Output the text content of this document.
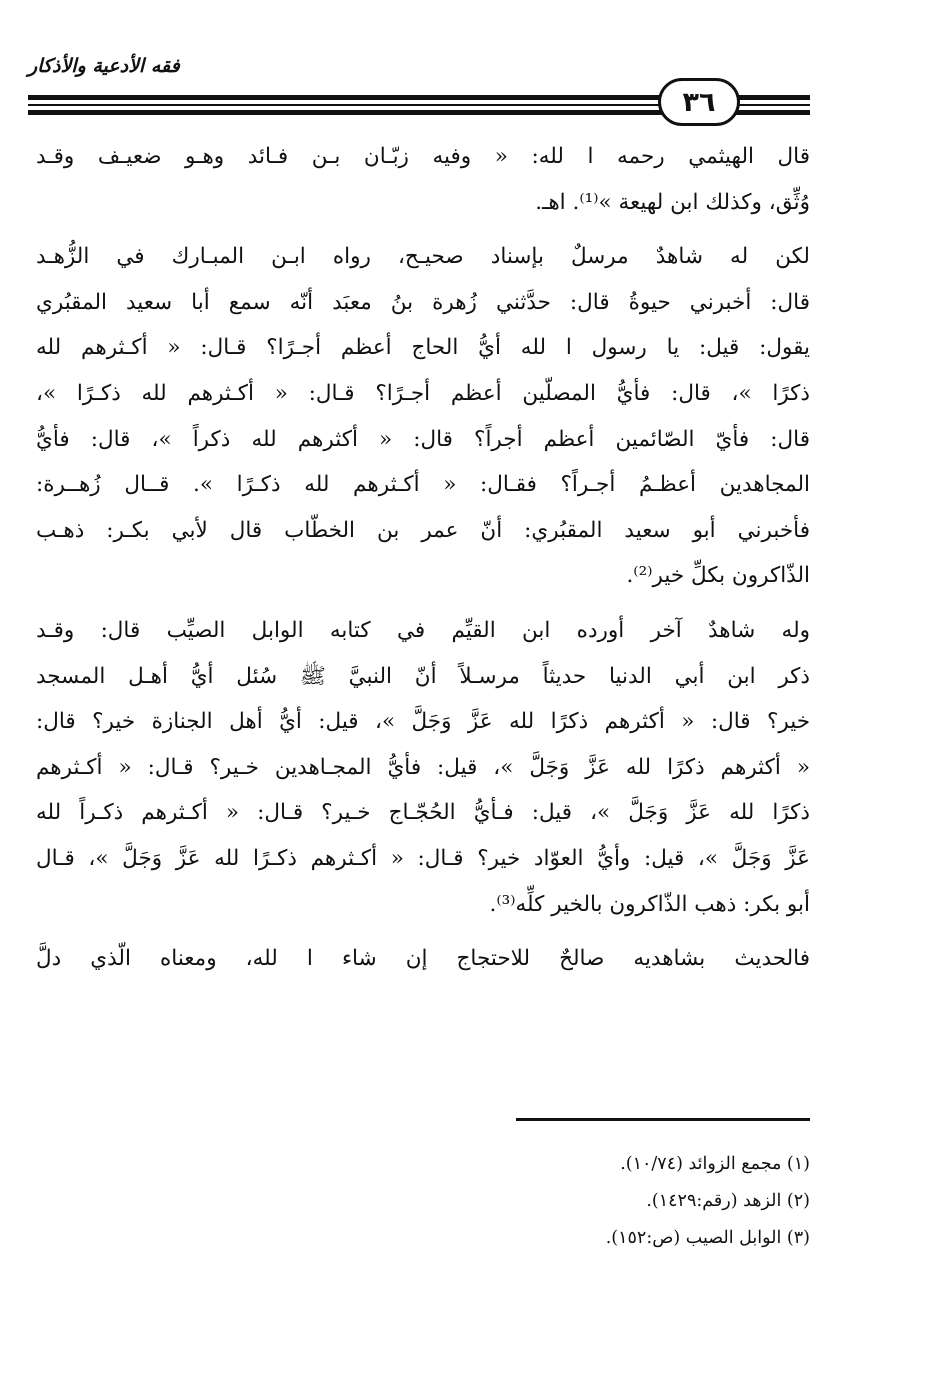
فقه الأدعية والأذكار
٣٦
قال الهيثمي رحمه ا لله: « وفيه زبّـان بـن فـائد وهـو ضعيـف وقـد
وُثِّق، وكذلك ابن لهيعة »⁽¹⁾. اهـ.
لكن له شاهدٌ مرسلٌ بإسناد صحيـح، رواه ابـن المبـارك في الزُّهـد
قال: أخبرني حيوةُ قال: حدَّثني زُهرة بنُ معبَد أنّه سمع أبا سعيد المقبُري
يقول: قيل: يا رسول ا لله أيُّ الحاج أعظم أجـرًا؟ قـال: « أكـثرهم لله
ذكرًا »، قال: فأيُّ المصلّين أعظم أجـرًا؟ قـال: « أكـثرهم لله ذكـرًا »،
قال: فأيّ الصّائمين أعظم أجراً؟ قال: « أكثرهم لله ذكراً »، قال: فأيُّ
المجاهدين أعظـمُ أجـراً؟ فقـال: « أكـثرهم لله ذكـرًا ». قــال زُهــرة:
فأخبرني أبو سعيد المقبُري: أنّ عمر بن الخطّاب قال لأبي بكـر: ذهـب
الذّاكرون بكلِّ خير⁽²⁾.
وله شاهدٌ آخر أورده ابن القيِّم في كتابه الوابل الصيِّب قال: وقـد
ذكر ابن أبي الدنيا حديثاً مرسـلاً أنّ النبيَّ ﷺ سُئل أيُّ أهـل المسجد
خير؟ قال: « أكثرهم ذكرًا لله عَزَّ وَجَلَّ »، قيل: أيُّ أهل الجنازة خير؟ قال:
« أكثرهم ذكرًا لله عَزَّ وَجَلَّ »، قيل: فأيُّ المجـاهدين خـير؟ قـال: « أكـثرهم
ذكرًا لله عَزَّ وَجَلَّ »، قيل: فـأيُّ الحُجّـاج خـير؟ قـال: « أكـثرهم ذكـراً لله
عَزَّ وَجَلَّ »، قيل: وأيُّ العوّاد خير؟ قـال: « أكـثرهم ذكـرًا لله عَزَّ وَجَلَّ »، قـال
أبو بكر: ذهب الذّاكرون بالخير كلِّه⁽³⁾.
فالحديث بشاهديه صالحٌ للاحتجاج إن شاء ا لله، ومعناه الّذي دلَّ
(١) مجمع الزوائد (١٠/٧٤).
(٢) الزهد (رقم:١٤٢٩).
(٣) الوابل الصيب (ص:١٥٢).
